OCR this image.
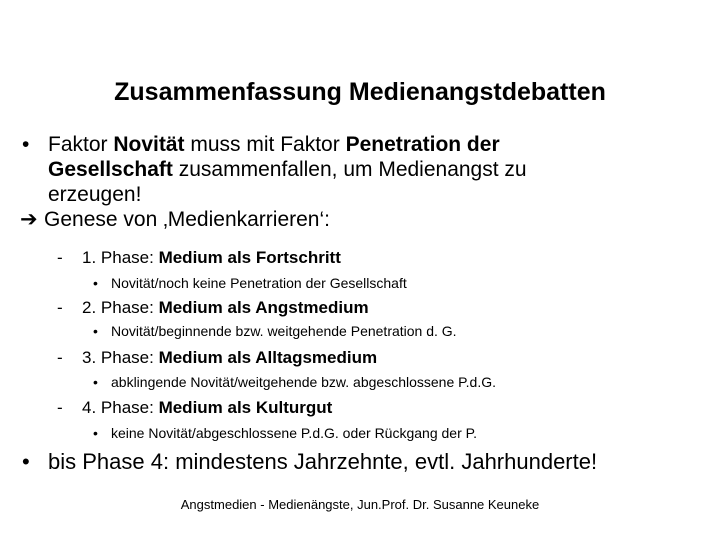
Zusammenfassung Medienangstdebatten
• Faktor Novität muss mit Faktor Penetration der
Gesellschaft zusammenfallen, um Medienangst zu
erzeugen!
➔ Genese von ‚Medienkarrieren‘:
- 1. Phase: Medium als Fortschritt
• Novität/noch keine Penetration der Gesellschaft
- 2. Phase: Medium als Angstmedium
• Novität/beginnende bzw. weitgehende Penetration d. G.
- 3. Phase: Medium als Alltagsmedium
• abklingende Novität/weitgehende bzw. abgeschlossene P.d.G.
- 4. Phase: Medium als Kulturgut
• keine Novität/abgeschlossene P.d.G. oder Rückgang der P.
• bis Phase 4: mindestens Jahrzehnte, evtl. Jahrhunderte!
Angstmedien - Medienängste, Jun.Prof. Dr. Susanne Keuneke
